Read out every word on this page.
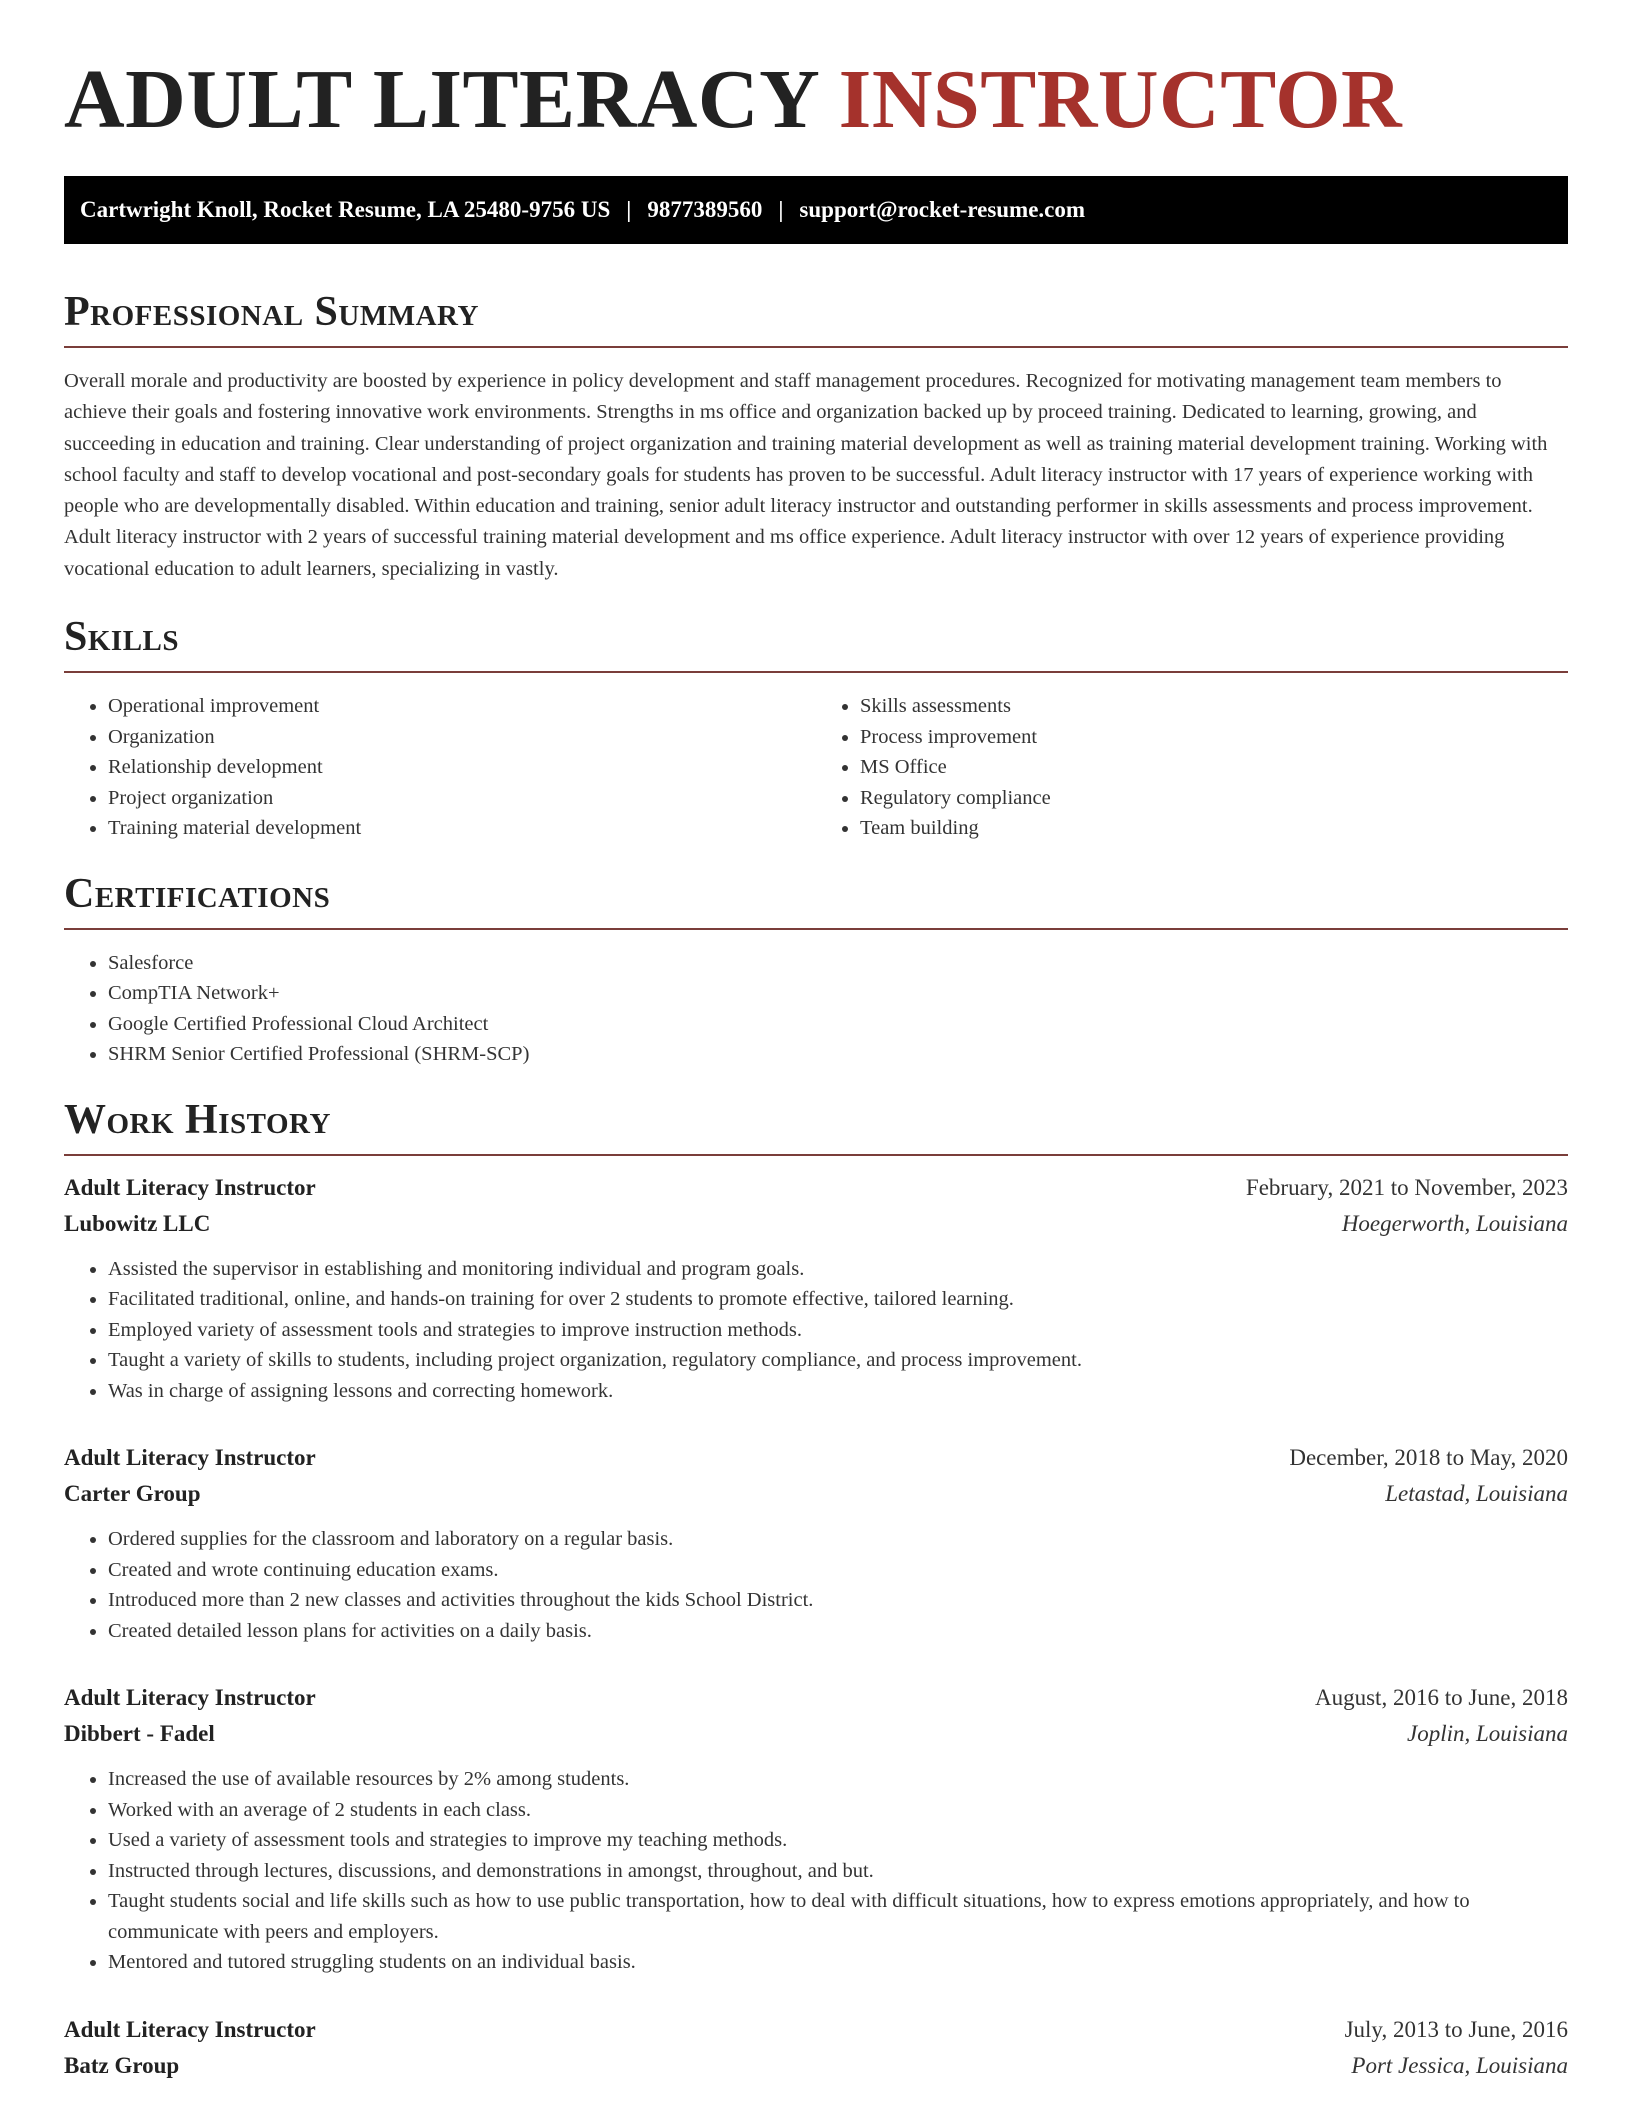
ADULT LITERACY INSTRUCTOR
Cartwright Knoll, Rocket Resume, LA 25480-9756 US | 9877389560 | support@rocket-resume.com
Professional Summary

Overall morale and productivity are boosted by experience in policy development and staff management procedures. Recognized for motivating management team members to achieve their goals and fostering innovative work environments. Strengths in ms office and organization backed up by proceed training. Dedicated to learning, growing, and succeeding in education and training. Clear understanding of project organization and training material development as well as training material development training. Working with school faculty and staff to develop vocational and post-secondary goals for students has proven to be successful. Adult literacy instructor with 17 years of experience working with people who are developmentally disabled. Within education and training, senior adult literacy instructor and outstanding performer in skills assessments and process improvement. Adult literacy instructor with 2 years of successful training material development and ms office experience. Adult literacy instructor with over 12 years of experience providing vocational education to adult learners, specializing in vastly.

Skills
• Operational improvement
• Organization
• Relationship development
• Project organization
• Training material development
• Skills assessments
• Process improvement
• MS Office
• Regulatory compliance
• Team building
Certifications
• Salesforce
• CompTIA Network+
• Google Certified Professional Cloud Architect
• SHRM Senior Certified Professional (SHRM-SCP)
Work History
Adult Literacy Instructor	February, 2021 to November, 2023
Lubowitz LLC	Hoegerworth, Louisiana
• Assisted the supervisor in establishing and monitoring individual and program goals.
• Facilitated traditional, online, and hands-on training for over 2 students to promote effective, tailored learning.
• Employed variety of assessment tools and strategies to improve instruction methods.
• Taught a variety of skills to students, including project organization, regulatory compliance, and process improvement.
• Was in charge of assigning lessons and correcting homework.
Adult Literacy Instructor	December, 2018 to May, 2020
Carter Group	Letastad, Louisiana
• Ordered supplies for the classroom and laboratory on a regular basis.
• Created and wrote continuing education exams.
• Introduced more than 2 new classes and activities throughout the kids School District.
• Created detailed lesson plans for activities on a daily basis.
Adult Literacy Instructor	August, 2016 to June, 2018
Dibbert - Fadel	Joplin, Louisiana
• Increased the use of available resources by 2% among students.
• Worked with an average of 2 students in each class.
• Used a variety of assessment tools and strategies to improve my teaching methods.
• Instructed through lectures, discussions, and demonstrations in amongst, throughout, and but.
• Taught students social and life skills such as how to use public transportation, how to deal with difficult situations, how to express emotions appropriately, and how to communicate with peers and employers.
• Mentored and tutored struggling students on an individual basis.
Adult Literacy Instructor	July, 2013 to June, 2016
Batz Group	Port Jessica, Louisiana
